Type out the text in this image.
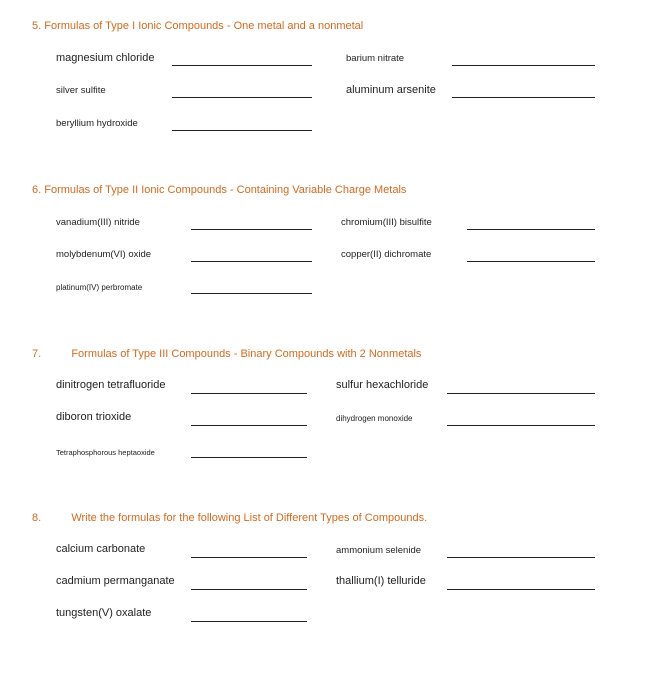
5. Formulas of Type I Ionic Compounds - One metal and a nonmetal
magnesium chloride	barium nitrate
silver sulfite	aluminum arsenite
beryllium hydroxide
6. Formulas of Type II Ionic Compounds - Containing Variable Charge Metals
vanadium(III) nitride	chromium(III) bisulfite
molybdenum(VI) oxide	copper(II) dichromate
platinum(IV) perbromate
7.	Formulas of Type III Compounds - Binary Compounds with 2 Nonmetals
dinitrogen tetrafluoride	sulfur hexachloride
diboron trioxide	dihydrogen monoxide
Tetraphosphorous heptaoxide
8.	Write the formulas for the following List of Different Types of Compounds.
calcium carbonate	ammonium selenide
cadmium permanganate	thallium(I) telluride
tungsten(V) oxalate
